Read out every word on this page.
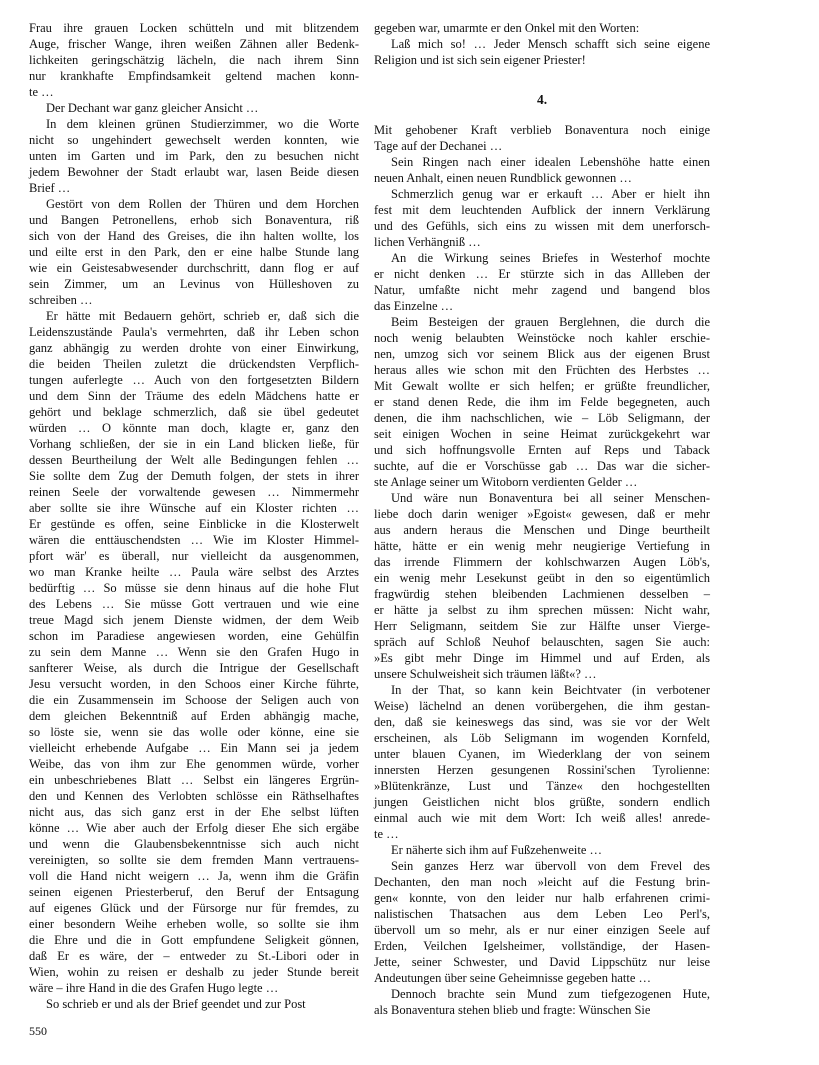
Frau ihre grauen Locken schütteln und mit blitzendem
Auge, frischer Wange, ihren weißen Zähnen aller Bedenk-
lichkeiten geringschätzig lächeln, die nach ihrem Sinn
nur krankhafte Empfindsamkeit geltend machen konn-
te …
Der Dechant war ganz gleicher Ansicht …
In dem kleinen grünen Studierzimmer, wo die Worte
nicht so ungehindert gewechselt werden konnten, wie
unten im Garten und im Park, den zu besuchen nicht
jedem Bewohner der Stadt erlaubt war, lasen Beide diesen
Brief …
Gestört von dem Rollen der Thüren und dem Horchen
und Bangen Petronellens, erhob sich Bonaventura, riß
sich von der Hand des Greises, die ihn halten wollte, los
und eilte erst in den Park, den er eine halbe Stunde lang
wie ein Geistesabwesender durchschritt, dann flog er auf
sein Zimmer, um an Levinus von Hülleshoven zu
schreiben …
Er hätte mit Bedauern gehört, schrieb er, daß sich die
Leidenszustände Paula's vermehrten, daß ihr Leben schon
ganz abhängig zu werden drohte von einer Einwirkung,
die beiden Theilen zuletzt die drückendsten Verpflich-
tungen auferlegte … Auch von den fortgesetzten Bildern
und dem Sinn der Träume des edeln Mädchens hatte er
gehört und beklage schmerzlich, daß sie übel gedeutet
würden … O könnte man doch, klagte er, ganz den
Vorhang schließen, der sie in ein Land blicken ließe, für
dessen Beurtheilung der Welt alle Bedingungen fehlen …
Sie sollte dem Zug der Demuth folgen, der stets in ihrer
reinen Seele der vorwaltende gewesen … Nimmermehr
aber sollte sie ihre Wünsche auf ein Kloster richten …
Er gestünde es offen, seine Einblicke in die Klosterwelt
wären die enttäuschendsten … Wie im Kloster Himmel-
pfort wär' es überall, nur vielleicht da ausgenommen,
wo man Kranke heilte … Paula wäre selbst des Arztes
bedürftig … So müsse sie denn hinaus auf die hohe Flut
des Lebens … Sie müsse Gott vertrauen und wie eine
treue Magd sich jenem Dienste widmen, der dem Weib
schon im Paradiese angewiesen worden, eine Gehülfin
zu sein dem Manne … Wenn sie den Grafen Hugo in
sanfterer Weise, als durch die Intrigue der Gesellschaft
Jesu versucht worden, in den Schoos einer Kirche führte,
die ein Zusammensein im Schoose der Seligen auch von
dem gleichen Bekenntniß auf Erden abhängig mache,
so löste sie, wenn sie das wolle oder könne, eine sie
vielleicht erhebende Aufgabe … Ein Mann sei ja jedem
Weibe, das von ihm zur Ehe genommen würde, vorher
ein unbeschriebenes Blatt … Selbst ein längeres Ergrün-
den und Kennen des Verlobten schlösse ein Räthselhaftes
nicht aus, das sich ganz erst in der Ehe selbst lüften
könne … Wie aber auch der Erfolg dieser Ehe sich ergäbe
und wenn die Glaubensbekenntnisse sich auch nicht
vereinigten, so sollte sie dem fremden Mann vertrauens-
voll die Hand nicht weigern … Ja, wenn ihm die Gräfin
seinen eigenen Priesterberuf, den Beruf der Entsagung
auf eigenes Glück und der Fürsorge nur für fremdes, zu
einer besondern Weihe erheben wolle, so sollte sie ihm
die Ehre und die in Gott empfundene Seligkeit gönnen,
daß Er es wäre, der – entweder zu St.-Libori oder in
Wien, wohin zu reisen er deshalb zu jeder Stunde bereit
wäre – ihre Hand in die des Grafen Hugo legte …
So schrieb er und als der Brief geendet und zur Post
gegeben war, umarmte er den Onkel mit den Worten:
Laß mich so! … Jeder Mensch schafft sich seine eigene
Religion und ist sich sein eigener Priester!
4.
Mit gehobener Kraft verblieb Bonaventura noch einige
Tage auf der Dechanei …
Sein Ringen nach einer idealen Lebenshöhe hatte einen
neuen Anhalt, einen neuen Rundblick gewonnen …
Schmerzlich genug war er erkauft … Aber er hielt ihn
fest mit dem leuchtenden Aufblick der innern Verklärung
und des Gefühls, sich eins zu wissen mit dem unerforsch-
lichen Verhängniß …
An die Wirkung seines Briefes in Westerhof mochte
er nicht denken … Er stürzte sich in das Allleben der
Natur, umfaßte nicht mehr zagend und bangend blos
das Einzelne …
Beim Besteigen der grauen Berglehnen, die durch die
noch wenig belaubten Weinstöcke noch kahler erschie-
nen, umzog sich vor seinem Blick aus der eigenen Brust
heraus alles wie schon mit den Früchten des Herbstes …
Mit Gewalt wollte er sich helfen; er grüßte freundlicher,
er stand denen Rede, die ihm im Felde begegneten, auch
denen, die ihm nachschlichen, wie – Löb Seligmann, der
seit einigen Wochen in seine Heimat zurückgekehrt war
und sich hoffnungsvolle Ernten auf Reps und Taback
suchte, auf die er Vorschüsse gab … Das war die sicher-
ste Anlage seiner um Witoborn verdienten Gelder …
Und wäre nun Bonaventura bei all seiner Menschen-
liebe doch darin weniger »Egoist« gewesen, daß er mehr
aus andern heraus die Menschen und Dinge beurtheilt
hätte, hätte er ein wenig mehr neugierige Vertiefung in
das irrende Flimmern der kohlschwarzen Augen Löb's,
ein wenig mehr Lesekunst geübt in den so eigentümlich
fragwürdig stehen bleibenden Lachmienen desselben –
er hätte ja selbst zu ihm sprechen müssen: Nicht wahr,
Herr Seligmann, seitdem Sie zur Hälfte unser Vierge-
spräch auf Schloß Neuhof belauschten, sagen Sie auch:
»Es gibt mehr Dinge im Himmel und auf Erden, als
unsere Schulweisheit sich träumen läßt«? …
In der That, so kann kein Beichtvater (in verbotener
Weise) lächelnd an denen vorübergehen, die ihm gestan-
den, daß sie keineswegs das sind, was sie vor der Welt
erscheinen, als Löb Seligmann im wogenden Kornfeld,
unter blauen Cyanen, im Wiederklang der von seinem
innersten Herzen gesungenen Rossini'schen Tyrolienne:
»Blütenkränze, Lust und Tänze« den hochgestellten
jungen Geistlichen nicht blos grüßte, sondern endlich
einmal auch wie mit dem Wort: Ich weiß alles! anrede-
te …
Er näherte sich ihm auf Fußzehenweite …
Sein ganzes Herz war übervoll von dem Frevel des
Dechanten, den man noch »leicht auf die Festung brin-
gen« konnte, von den leider nur halb erfahrenen crimi-
nalistischen Thatsachen aus dem Leben Leo Perl's,
übervoll um so mehr, als er nur einer einzigen Seele auf
Erden, Veilchen Igelsheimer, vollständige, der Hasen-
Jette, seiner Schwester, und David Lippschütz nur leise
Andeutungen über seine Geheimnisse gegeben hatte …
Dennoch brachte sein Mund zum tiefgezogenen Hute,
als Bonaventura stehen blieb und fragte: Wünschen Sie
550
